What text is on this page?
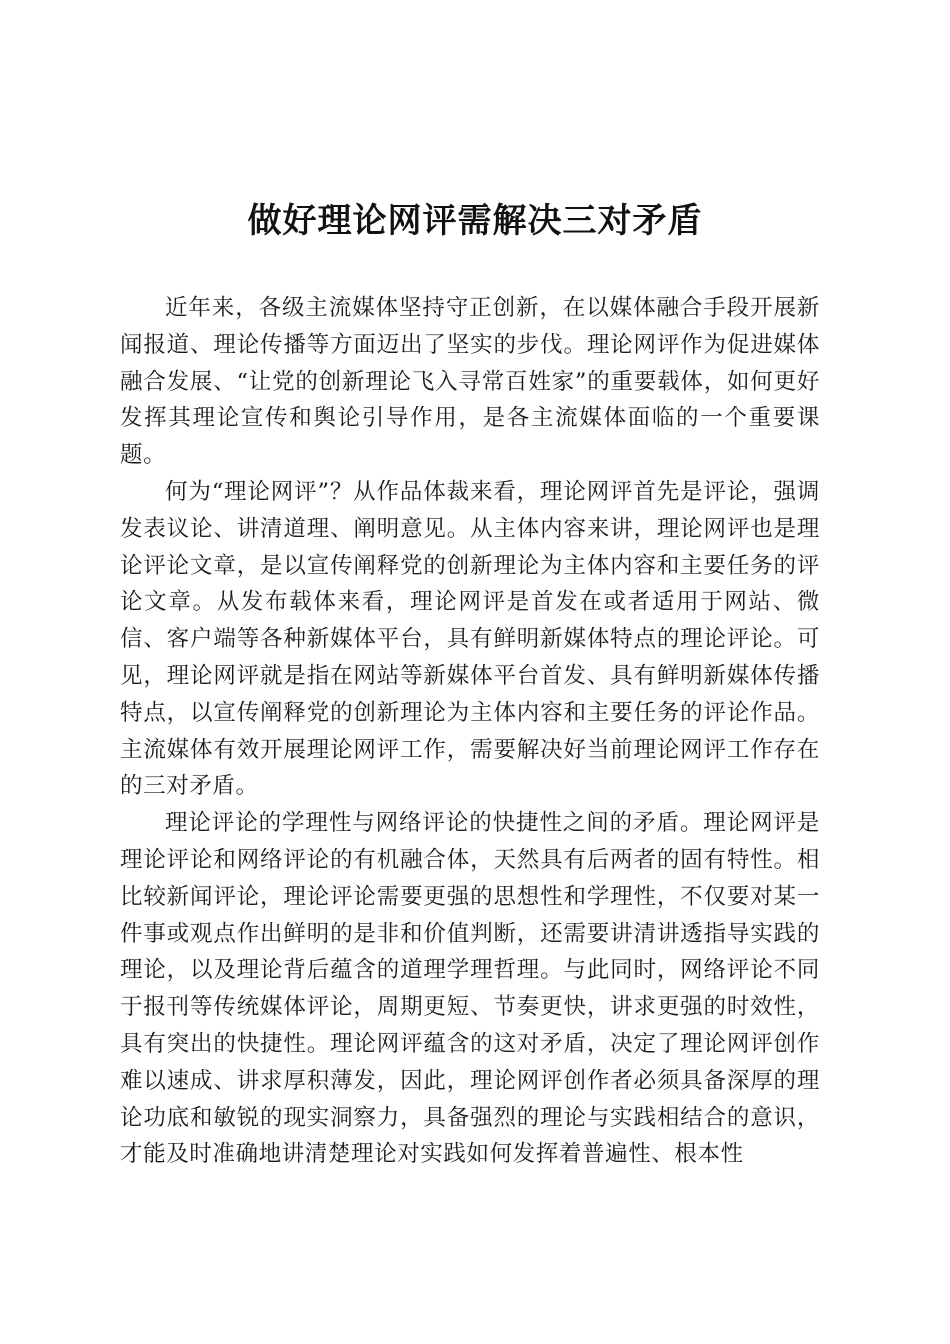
做好理论网评需解决三对矛盾

近年来，各级主流媒体坚持守正创新，在以媒体融合手段开展新闻报道、理论传播等方面迈出了坚实的步伐。理论网评作为促进媒体融合发展、“让党的创新理论飞入寻常百姓家”的重要载体，如何更好发挥其理论宣传和舆论引导作用，是各主流媒体面临的一个重要课题。

何为“理论网评”？从作品体裁来看，理论网评首先是评论，强调发表议论、讲清道理、阐明意见。从主体内容来讲，理论网评也是理论评论文章，是以宣传阐释党的创新理论为主体内容和主要任务的评论文章。从发布载体来看，理论网评是首发在或者适用于网站、微信、客户端等各种新媒体平台，具有鲜明新媒体特点的理论评论。可见，理论网评就是指在网站等新媒体平台首发、具有鲜明新媒体传播特点，以宣传阐释党的创新理论为主体内容和主要任务的评论作品。主流媒体有效开展理论网评工作，需要解决好当前理论网评工作存在的三对矛盾。

理论评论的学理性与网络评论的快捷性之间的矛盾。理论网评是理论评论和网络评论的有机融合体，天然具有后两者的固有特性。相比较新闻评论，理论评论需要更强的思想性和学理性，不仅要对某一件事或观点作出鲜明的是非和价值判断，还需要讲清讲透指导实践的理论，以及理论背后蕴含的道理学理哲理。与此同时，网络评论不同于报刊等传统媒体评论，周期更短、节奏更快，讲求更强的时效性，具有突出的快捷性。理论网评蕴含的这对矛盾，决定了理论网评创作难以速成、讲求厚积薄发，因此，理论网评创作者必须具备深厚的理论功底和敏锐的现实洞察力，具备强烈的理论与实践相结合的意识，才能及时准确地讲清楚理论对实践如何发挥着普遍性、根本性
